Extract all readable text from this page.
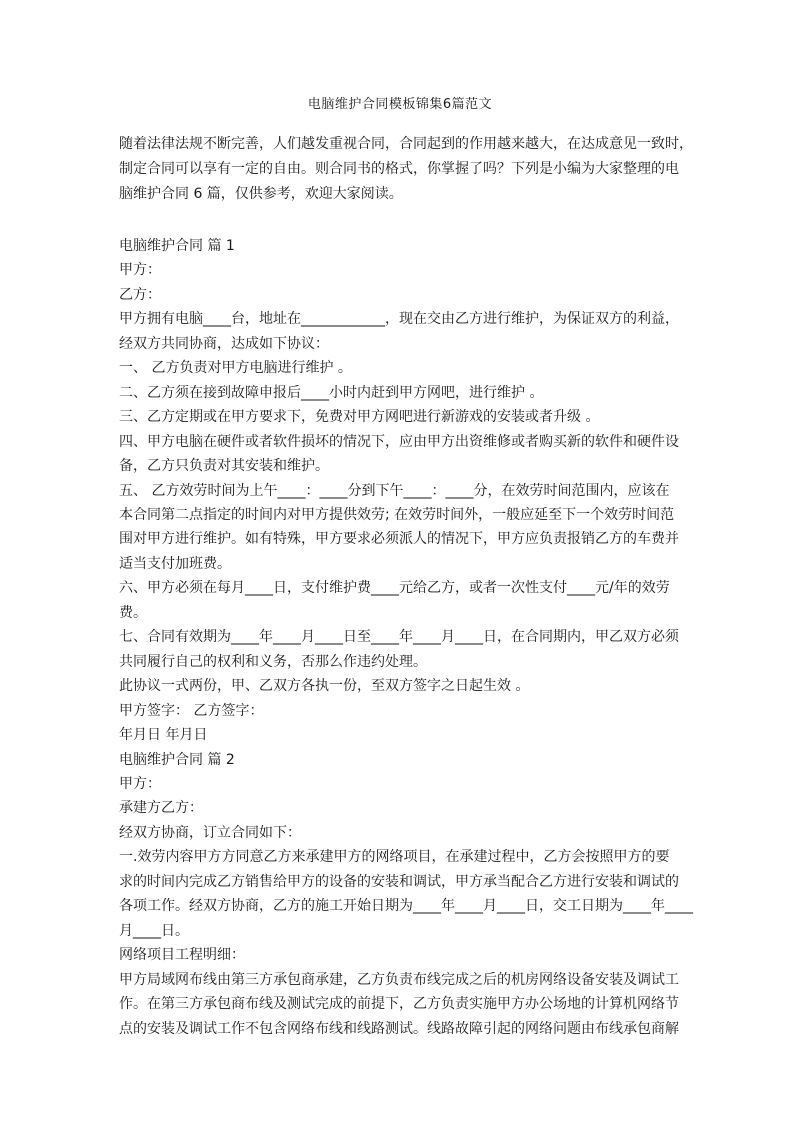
电脑维护合同模板锦集6篇范文

随着法律法规不断完善，人们越发重视合同，合同起到的作用越来越大，在达成意见一致时，

制定合同可以享有一定的自由。则合同书的格式，你掌握了吗？下列是小编为大家整理的电

脑维护合同 6 篇，仅供参考，欢迎大家阅读。

电脑维护合同 篇 1

甲方：

乙方：

甲方拥有电脑____台，地址在____________，现在交由乙方进行维护，为保证双方的利益，

经双方共同协商，达成如下协议：

一、 乙方负责对甲方电脑进行维护 。

二、乙方须在接到故障申报后____小时内赶到甲方网吧，进行维护 。

三、乙方定期或在甲方要求下，免费对甲方网吧进行新游戏的安装或者升级 。

四、甲方电脑在硬件或者软件损坏的情况下，应由甲方出资维修或者购买新的软件和硬件设

备，乙方只负责对其安装和维护。

五、 乙方效劳时间为上午____：____分到下午____：____分，在效劳时间范围内，应该在

本合同第二点指定的时间内对甲方提供效劳; 在效劳时间外，一般应延至下一个效劳时间范

围对甲方进行维护。如有特殊，甲方要求必须派人的情况下，甲方应负责报销乙方的车费并

适当支付加班费。

六、甲方必须在每月____日，支付维护费____元给乙方，或者一次性支付____元/年的效劳

费。

七、合同有效期为____年____月____日至____年____月____日，在合同期内，甲乙双方必须

共同履行自己的权利和义务，否那么作违约处理。

此协议一式两份，甲、乙双方各执一份，至双方签字之日起生效 。

甲方签字： 乙方签字：

年月日 年月日

电脑维护合同 篇 2

甲方：

承建方乙方：

经双方协商，订立合同如下：

一.效劳内容甲方方同意乙方来承建甲方的网络项目，在承建过程中，乙方会按照甲方的要

求的时间内完成乙方销售给甲方的设备的安装和调试，甲方承当配合乙方进行安装和调试的

各项工作。经双方协商，乙方的施工开始日期为____年____月____日，交工日期为____年____

月____日。

网络项目工程明细：

甲方局域网布线由第三方承包商承建，乙方负责布线完成之后的机房网络设备安装及调试工

作。在第三方承包商布线及测试完成的前提下，乙方负责实施甲方办公场地的计算机网络节

点的安装及调试工作不包含网络布线和线路测试。线路故障引起的网络问题由布线承包商解
